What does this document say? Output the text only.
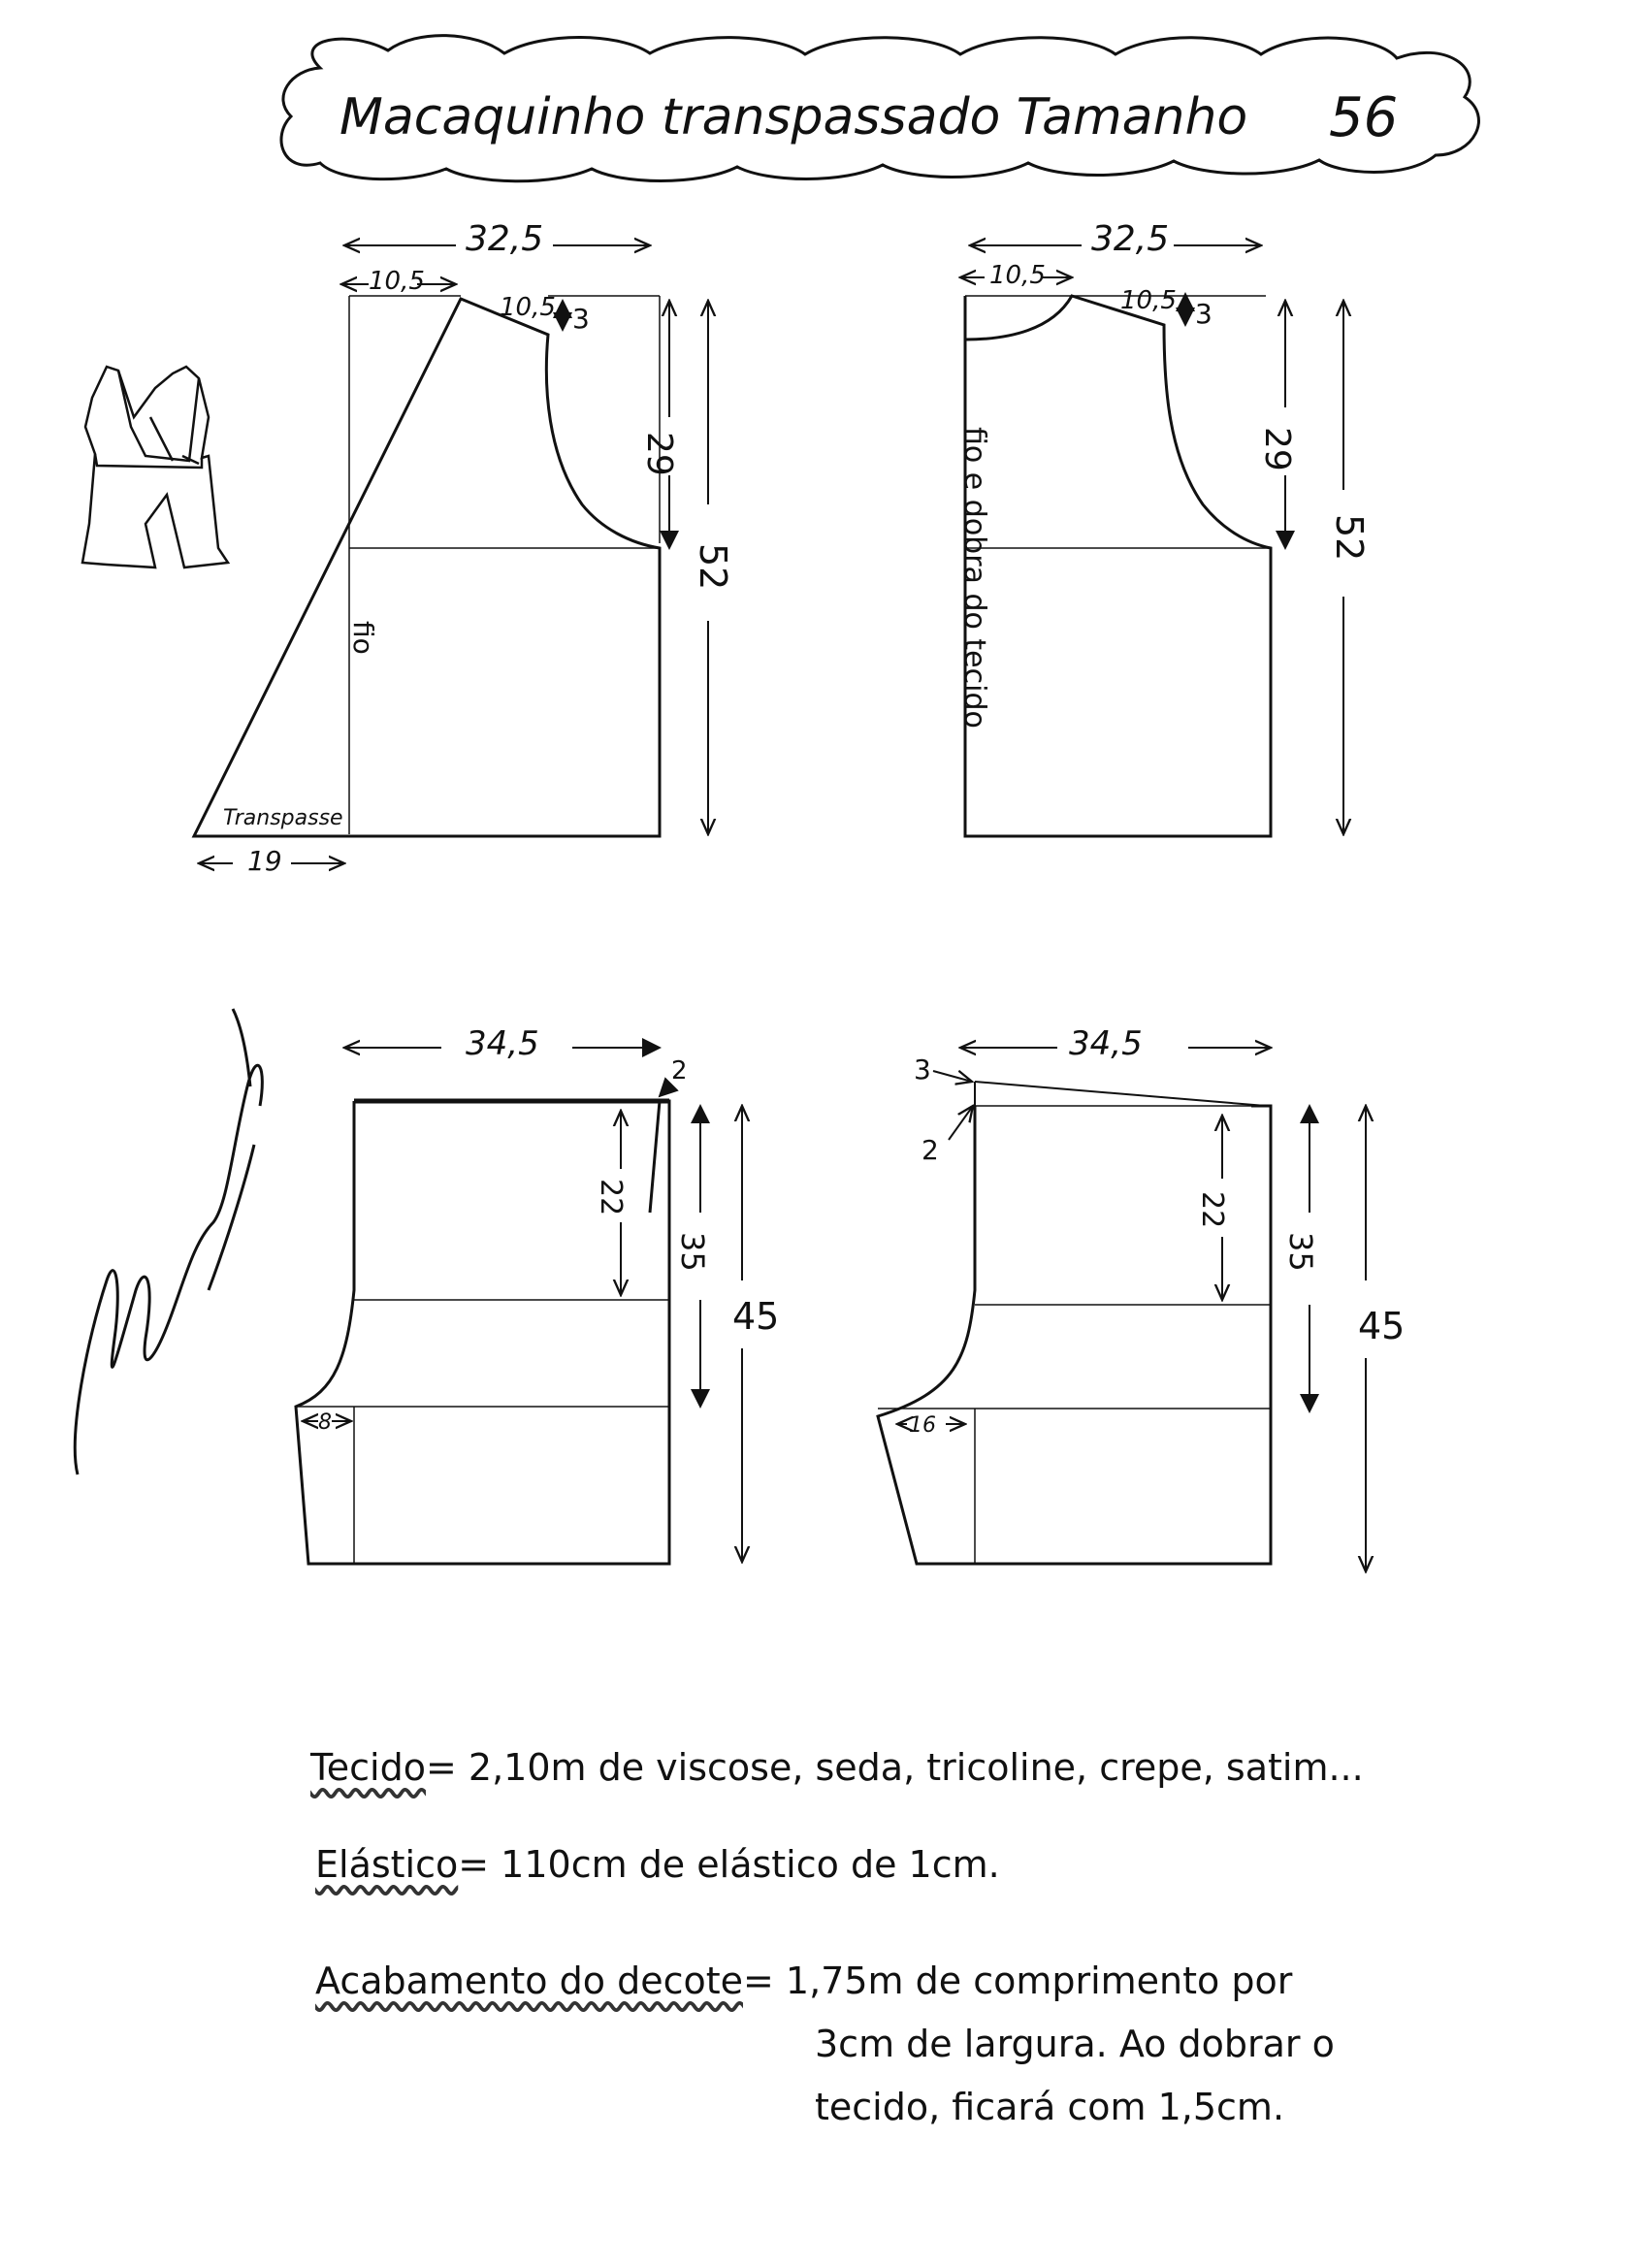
Macaquinho transpassado Tamanho 56
32,5
10,5
10,5 3
fio
Transpasse
19
29
52
32,5
10,5
10,5 3
fio e dobra do tecido	29
52
34,5
2
8
22
35
45
34,5
3
2
16
22
35
45
Tecido= 2,10m de viscose, seda, tricoline, crepe, satim...
Elástico= 110cm de elástico de 1cm.
Acabamento do decote= 1,75m de comprimento por
3cm de largura. Ao dobrar o
tecido, ficará com 1,5cm.
